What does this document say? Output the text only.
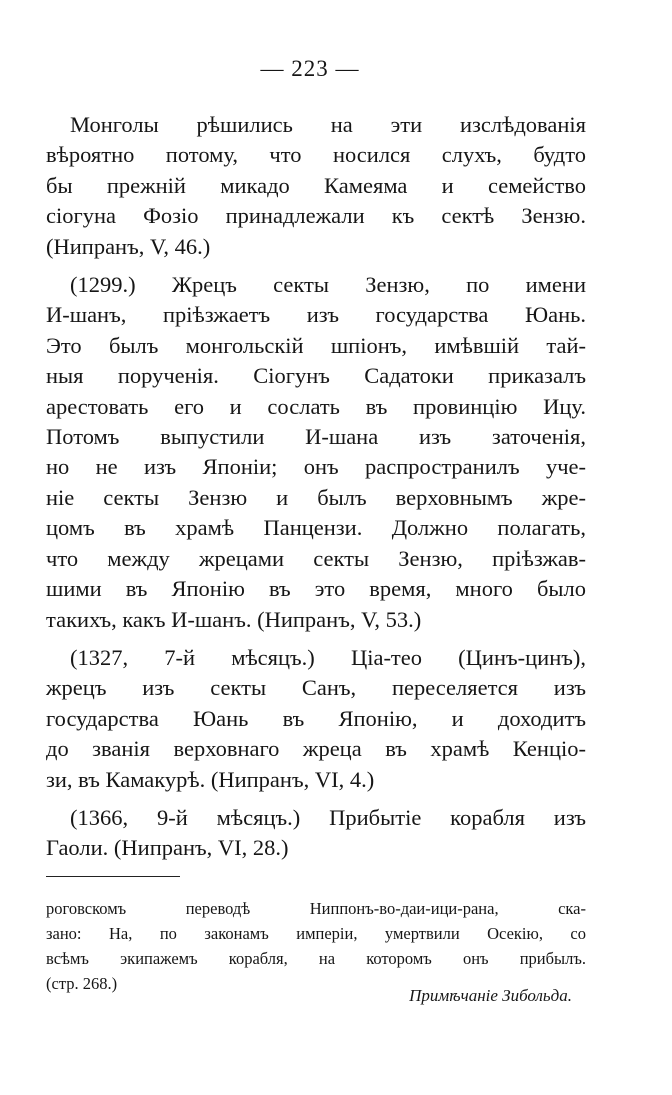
— 223 —
Монголы рѣшились на эти изслѣдованія
вѣроятно потому, что носился слухъ, будто
бы прежній микадо Камеяма и семейство
сіогуна Фозіо принадлежали къ сектѣ Зензю.
(Нипранъ, V, 46.)
(1299.) Жрецъ секты Зензю, по имени
И-шанъ, пріѣзжаетъ изъ государства Юань.
Это былъ монгольскій шпіонъ, имѣвшій тай-
ныя порученія. Сіогунъ Садатоки приказалъ
арестовать его и сослать въ провинцію Ицу.
Потомъ выпустили И-шана изъ заточенія,
но не изъ Японіи; онъ распространилъ уче-
ніе секты Зензю и былъ верховнымъ жре-
цомъ въ храмѣ Панцензи. Должно полагать,
что между жрецами секты Зензю, пріѣзжав-
шими въ Японію въ это время, много было
такихъ, какъ И-шанъ. (Нипранъ, V, 53.)
(1327, 7-й мѣсяцъ.) Ціа-тео (Цинъ-цинъ),
жрецъ изъ секты Санъ, переселяется изъ
государства Юань въ Японію, и доходитъ
до званія верховнаго жреца въ храмѣ Кенціо-
зи, въ Камакурѣ. (Нипранъ, VI, 4.)
(1366, 9-й мѣсяцъ.) Прибытіе корабля изъ
Гаоли. (Нипранъ, VI, 28.)
роговскомъ переводѣ Ниппонъ-во-даи-ици-рана, ска-
зано: На, по законамъ имперіи, умертвили Осекію, со
всѣмъ экипажемъ корабля, на которомъ онъ прибылъ.
(стр. 268.)
Примѣчаніе Зибольда.
